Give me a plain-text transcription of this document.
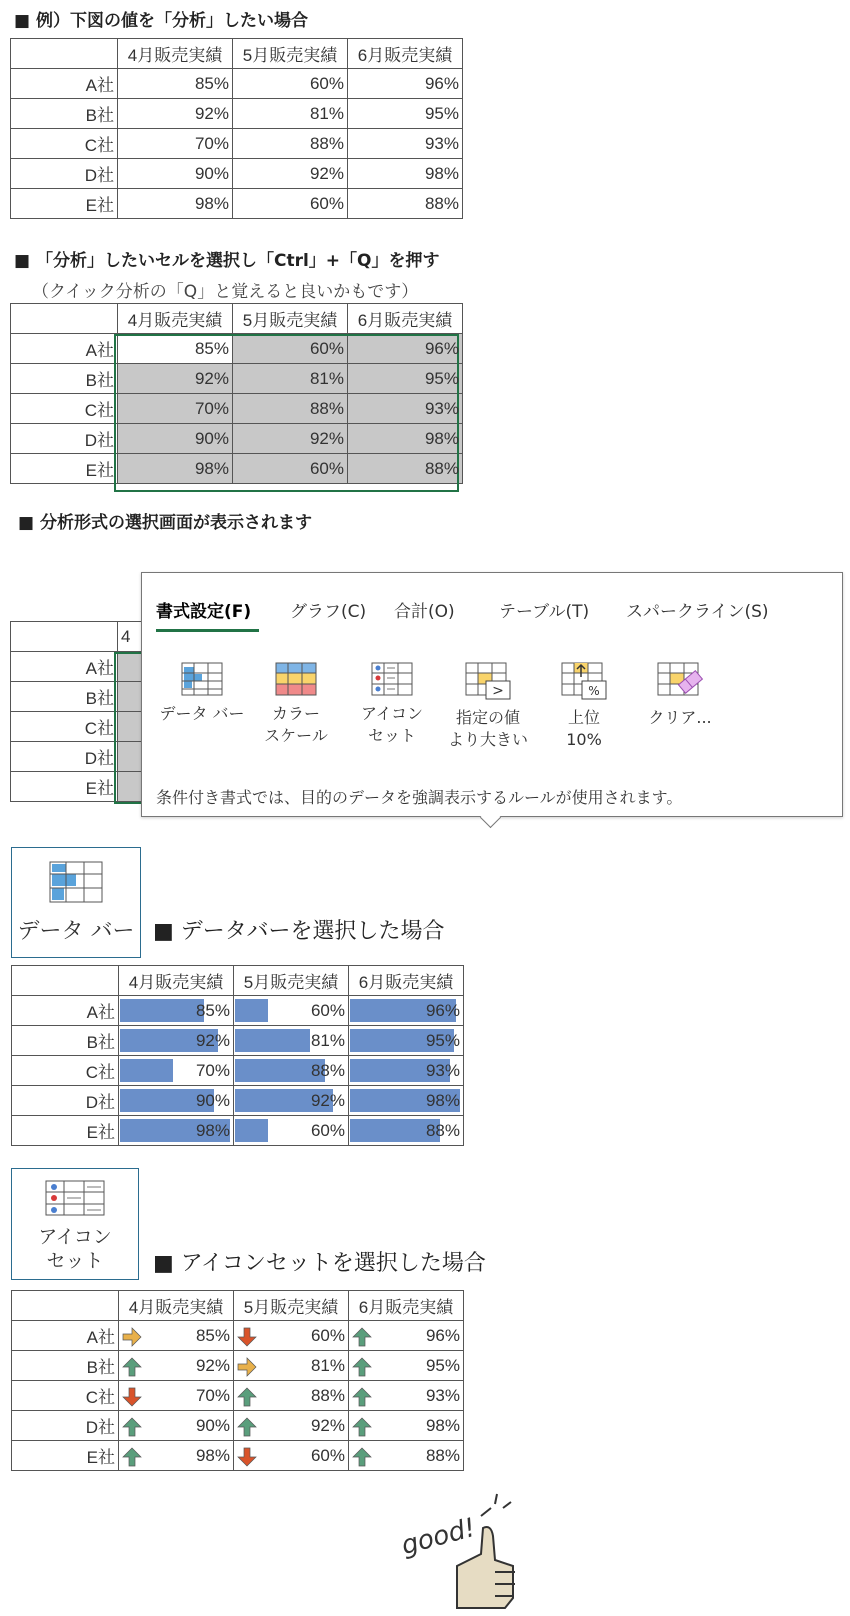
■ 例）下図の値を「分析」したい場合
	4月販売実績	5月販売実績	6月販売実績
A社	85%	60%	96%
B社	92%	81%	95%
C社	70%	88%	93%
D社	90%	92%	98%
E社	98%	60%	88%
■ 「分析」したいセルを選択し「Ctrl」+「Q」を押す
（クイック分析の「Q」と覚えると良いかもです）
	4月販売実績	5月販売実績	6月販売実績
A社	85%	60%	96%
B社	92%	81%	95%
C社	70%	88%	93%
D社	90%	92%	98%
E社	98%	60%	88%
■ 分析形式の選択画面が表示されます
	4		
A社			
B社			
C社			
D社			
E社			
書式設定(F) グラフ(C) 合計(O)	テーブル(T) スパークライン(S)
データ バー	カラー
スケール
アイコン
セット
>
指定の値
より大きい
%
上位
10%
クリア...
条件付き書式では、目的のデータを強調表示するルールが使用されます。
データ バー ■ データバーを選択した場合
	4月販売実績	5月販売実績	6月販売実績
A社	85%	60%	96%
B社	92%	81%	95%
C社	70%	88%	93%
D社	90%	92%	98%
E社	98%	60%	88%
アイコン
セット	■ アイコンセットを選択した場合
	4月販売実績	5月販売実績	6月販売実績
A社	85%	60%	96%
B社	92%	81%	95%
C社	70%	88%	93%
D社	90%	92%	98%
E社	98%	60%	88%
good!
